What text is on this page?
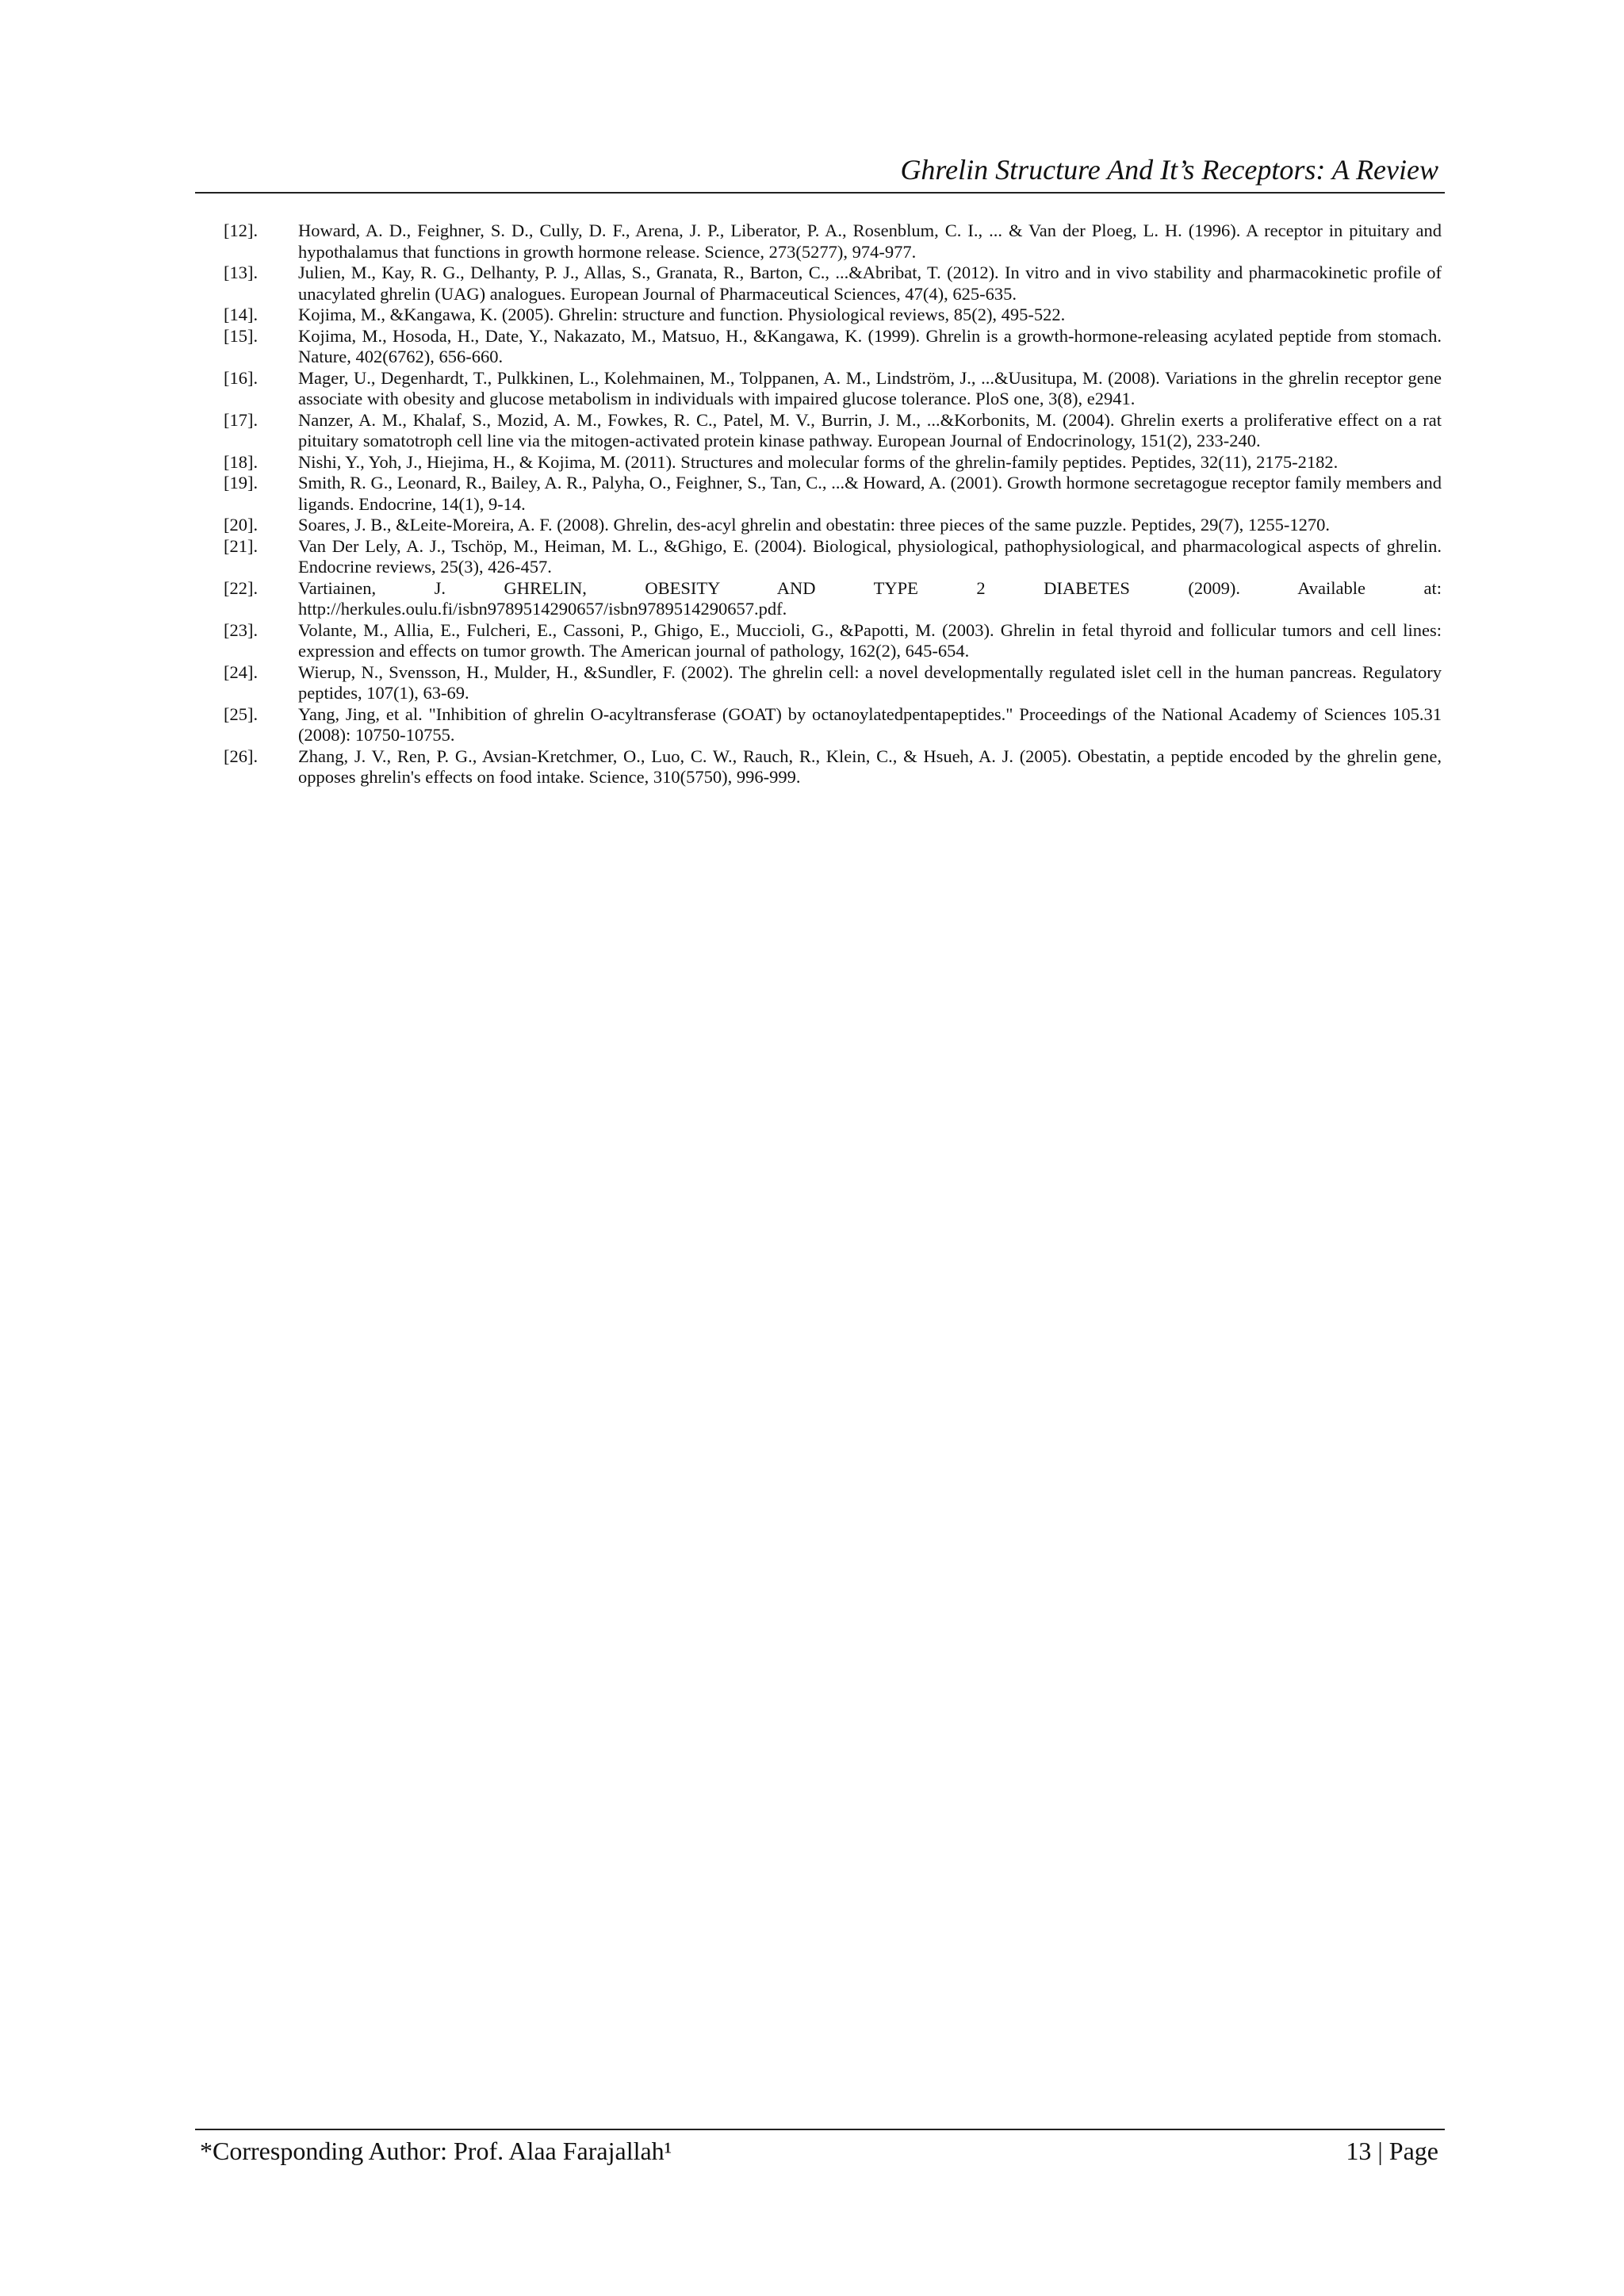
Ghrelin Structure And It’s Receptors: A Review
[12]. Howard, A. D., Feighner, S. D., Cully, D. F., Arena, J. P., Liberator, P. A., Rosenblum, C. I., ... & Van der Ploeg, L. H. (1996). A receptor in pituitary and hypothalamus that functions in growth hormone release. Science, 273(5277), 974-977.
[13]. Julien, M., Kay, R. G., Delhanty, P. J., Allas, S., Granata, R., Barton, C., ...&Abribat, T. (2012). In vitro and in vivo stability and pharmacokinetic profile of unacylated ghrelin (UAG) analogues. European Journal of Pharmaceutical Sciences, 47(4), 625-635.
[14]. Kojima, M., &Kangawa, K. (2005). Ghrelin: structure and function. Physiological reviews, 85(2), 495-522.
[15]. Kojima, M., Hosoda, H., Date, Y., Nakazato, M., Matsuo, H., &Kangawa, K. (1999). Ghrelin is a growth-hormone-releasing acylated peptide from stomach. Nature, 402(6762), 656-660.
[16]. Mager, U., Degenhardt, T., Pulkkinen, L., Kolehmainen, M., Tolppanen, A. M., Lindström, J., ...&Uusitupa, M. (2008). Variations in the ghrelin receptor gene associate with obesity and glucose metabolism in individuals with impaired glucose tolerance. PloS one, 3(8), e2941.
[17]. Nanzer, A. M., Khalaf, S., Mozid, A. M., Fowkes, R. C., Patel, M. V., Burrin, J. M., ...&Korbonits, M. (2004). Ghrelin exerts a proliferative effect on a rat pituitary somatotroph cell line via the mitogen-activated protein kinase pathway. European Journal of Endocrinology, 151(2), 233-240.
[18]. Nishi, Y., Yoh, J., Hiejima, H., & Kojima, M. (2011). Structures and molecular forms of the ghrelin-family peptides. Peptides, 32(11), 2175-2182.
[19]. Smith, R. G., Leonard, R., Bailey, A. R., Palyha, O., Feighner, S., Tan, C., ...& Howard, A. (2001). Growth hormone secretagogue receptor family members and ligands. Endocrine, 14(1), 9-14.
[20]. Soares, J. B., &Leite-Moreira, A. F. (2008). Ghrelin, des-acyl ghrelin and obestatin: three pieces of the same puzzle. Peptides, 29(7), 1255-1270.
[21]. Van Der Lely, A. J., Tschöp, M., Heiman, M. L., &Ghigo, E. (2004). Biological, physiological, pathophysiological, and pharmacological aspects of ghrelin. Endocrine reviews, 25(3), 426-457.
[22]. Vartiainen, J. GHRELIN, OBESITY AND TYPE 2 DIABETES (2009). Available at:
http://herkules.oulu.fi/isbn9789514290657/isbn9789514290657.pdf.
[23]. Volante, M., Allia, E., Fulcheri, E., Cassoni, P., Ghigo, E., Muccioli, G., &Papotti, M. (2003). Ghrelin in fetal thyroid and follicular tumors and cell lines: expression and effects on tumor growth. The American journal of pathology, 162(2), 645-654.
[24]. Wierup, N., Svensson, H., Mulder, H., &Sundler, F. (2002). The ghrelin cell: a novel developmentally regulated islet cell in the human pancreas. Regulatory peptides, 107(1), 63-69.
[25]. Yang, Jing, et al. "Inhibition of ghrelin O-acyltransferase (GOAT) by octanoylatedpentapeptides." Proceedings of the National Academy of Sciences 105.31 (2008): 10750-10755.
[26]. Zhang, J. V., Ren, P. G., Avsian-Kretchmer, O., Luo, C. W., Rauch, R., Klein, C., & Hsueh, A. J. (2005). Obestatin, a peptide encoded by the ghrelin gene, opposes ghrelin's effects on food intake. Science, 310(5750), 996-999.
*Corresponding Author: Prof. Alaa Farajallah¹	13 | Page
